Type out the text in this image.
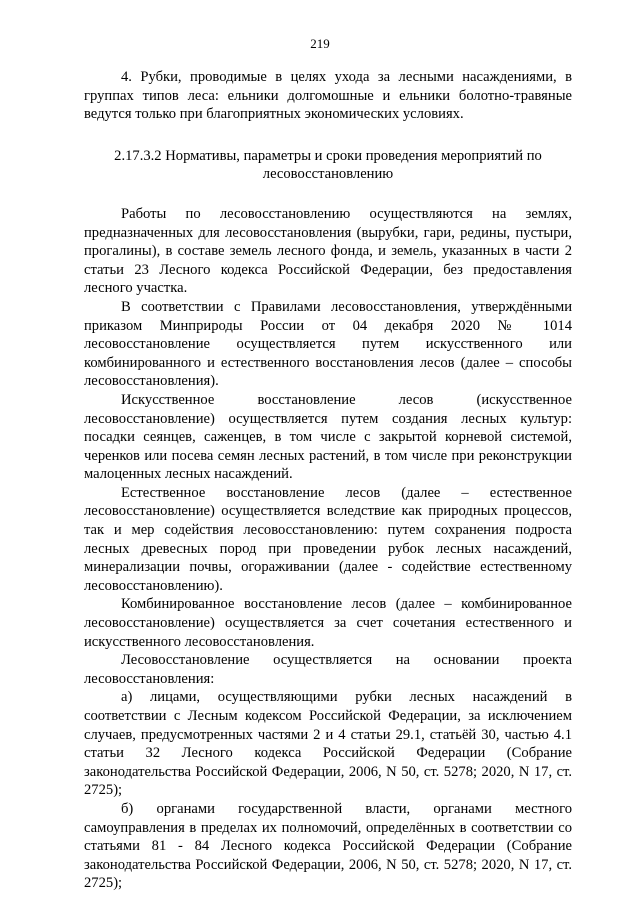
219

4. Рубки, проводимые в целях ухода за лесными насаждениями, в группах типов леса: ельники долгомошные и ельники болотно-травяные ведутся только при благоприятных экономических условиях.

2.17.3.2 Нормативы, параметры и сроки проведения мероприятий по лесовосстановлению

Работы по лесовосстановлению осуществляются на землях, предназначенных для лесовосстановления (вырубки, гари, редины, пустыри, прогалины), в составе земель лесного фонда, и земель, указанных в части 2 статьи 23 Лесного кодекса Российской Федерации, без предоставления лесного участка.

В соответствии с Правилами лесовосстановления, утверждёнными приказом Минприроды России от 04 декабря 2020 № 1014 лесовосстановление осуществляется путем искусственного или комбинированного и естественного восстановления лесов (далее – способы лесовосстановления).

Искусственное восстановление лесов (искусственное лесовосстановление) осуществляется путем создания лесных культур: посадки сеянцев, саженцев, в том числе с закрытой корневой системой, черенков или посева семян лесных растений, в том числе при реконструкции малоценных лесных насаждений.

Естественное восстановление лесов (далее – естественное лесовосстановление) осуществляется вследствие как природных процессов, так и мер содействия лесовосстановлению: путем сохранения подроста лесных древесных пород при проведении рубок лесных насаждений, минерализации почвы, огораживании (далее - содействие естественному лесовосстановлению).

Комбинированное восстановление лесов (далее – комбинированное лесовосстановление) осуществляется за счет сочетания естественного и искусственного лесовосстановления.

Лесовосстановление осуществляется на основании проекта лесовосстановления:

а) лицами, осуществляющими рубки лесных насаждений в соответствии с Лесным кодексом Российской Федерации, за исключением случаев, предусмотренных частями 2 и 4 статьи 29.1, статьёй 30, частью 4.1 статьи 32 Лесного кодекса Российской Федерации (Собрание законодательства Российской Федерации, 2006, N 50, ст. 5278; 2020, N 17, ст. 2725);

б) органами государственной власти, органами местного самоуправления в пределах их полномочий, определённых в соответствии со статьями 81 - 84 Лесного кодекса Российской Федерации (Собрание законодательства Российской Федерации, 2006, N 50, ст. 5278; 2020, N 17, ст. 2725);
